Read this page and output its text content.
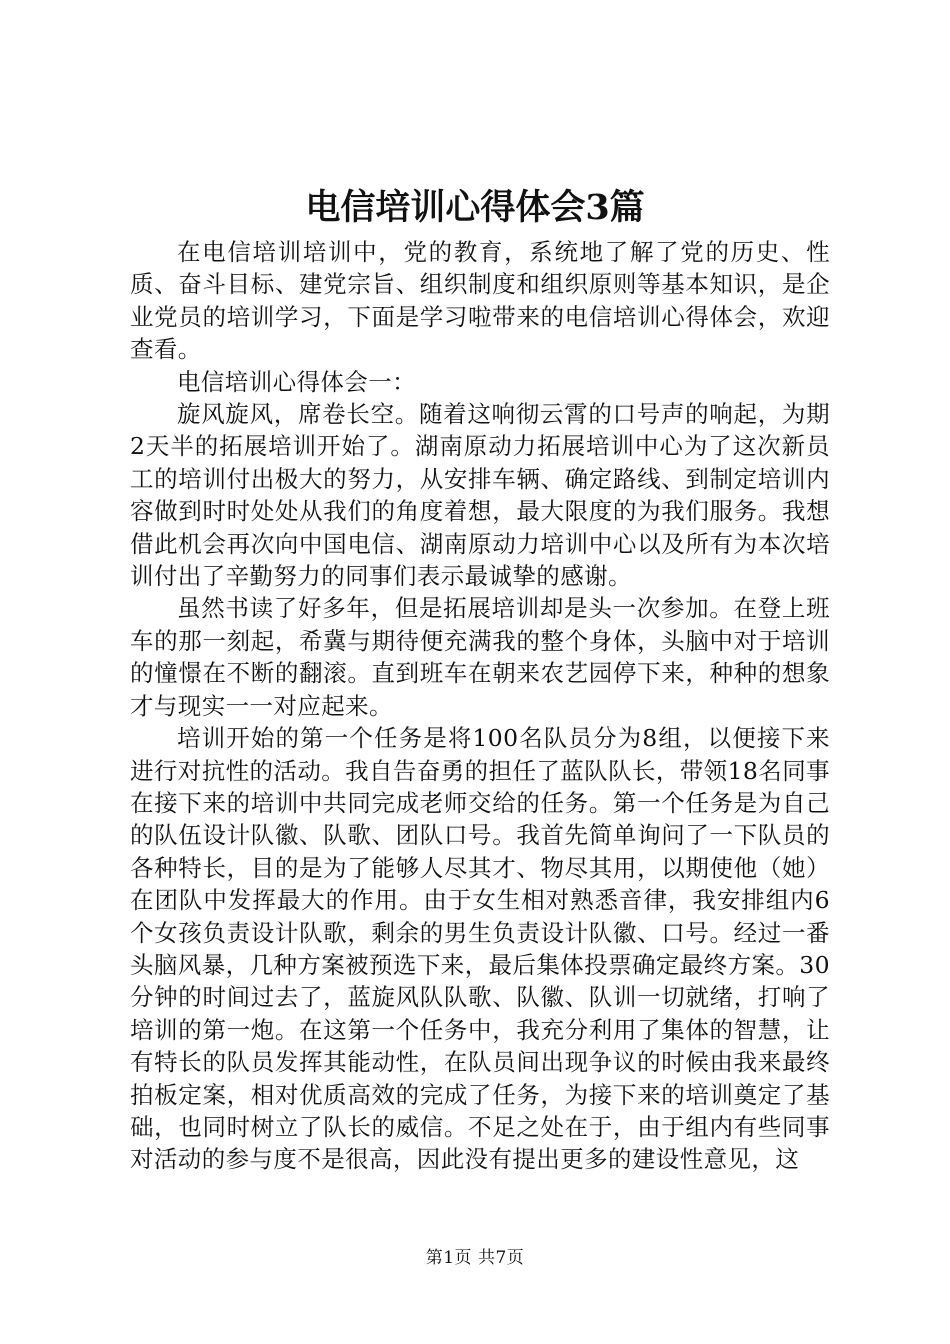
电信培训心得体会3篇

在电信培训培训中，党的教育，系统地了解了党的历史、性质、奋斗目标、建党宗旨、组织制度和组织原则等基本知识，是企业党员的培训学习，下面是学习啦带来的电信培训心得体会，欢迎查看。

电信培训心得体会一：

旋风旋风，席卷长空。随着这响彻云霄的口号声的响起，为期2天半的拓展培训开始了。湖南原动力拓展培训中心为了这次新员工的培训付出极大的努力，从安排车辆、确定路线、到制定培训内容做到时时处处从我们的角度着想，最大限度的为我们服务。我想借此机会再次向中国电信、湖南原动力培训中心以及所有为本次培训付出了辛勤努力的同事们表示最诚挚的感谢。

虽然书读了好多年，但是拓展培训却是头一次参加。在登上班车的那一刻起，希冀与期待便充满我的整个身体，头脑中对于培训的憧憬在不断的翻滚。直到班车在朝来农艺园停下来，种种的想象才与现实一一对应起来。

培训开始的第一个任务是将100名队员分为8组，以便接下来进行对抗性的活动。我自告奋勇的担任了蓝队队长，带领18名同事在接下来的培训中共同完成老师交给的任务。第一个任务是为自己的队伍设计队徽、队歌、团队口号。我首先简单询问了一下队员的各种特长，目的是为了能够人尽其才、物尽其用，以期使他（她）在团队中发挥最大的作用。由于女生相对熟悉音律，我安排组内6个女孩负责设计队歌，剩余的男生负责设计队徽、口号。经过一番头脑风暴，几种方案被预选下来，最后集体投票确定最终方案。30分钟的时间过去了，蓝旋风队队歌、队徽、队训一切就绪，打响了培训的第一炮。在这第一个任务中，我充分利用了集体的智慧，让有特长的队员发挥其能动性，在队员间出现争议的时候由我来最终拍板定案，相对优质高效的完成了任务，为接下来的培训奠定了基础，也同时树立了队长的威信。不足之处在于，由于组内有些同事对活动的参与度不是很高，因此没有提出更多的建设性意见，这

第1页 共7页
